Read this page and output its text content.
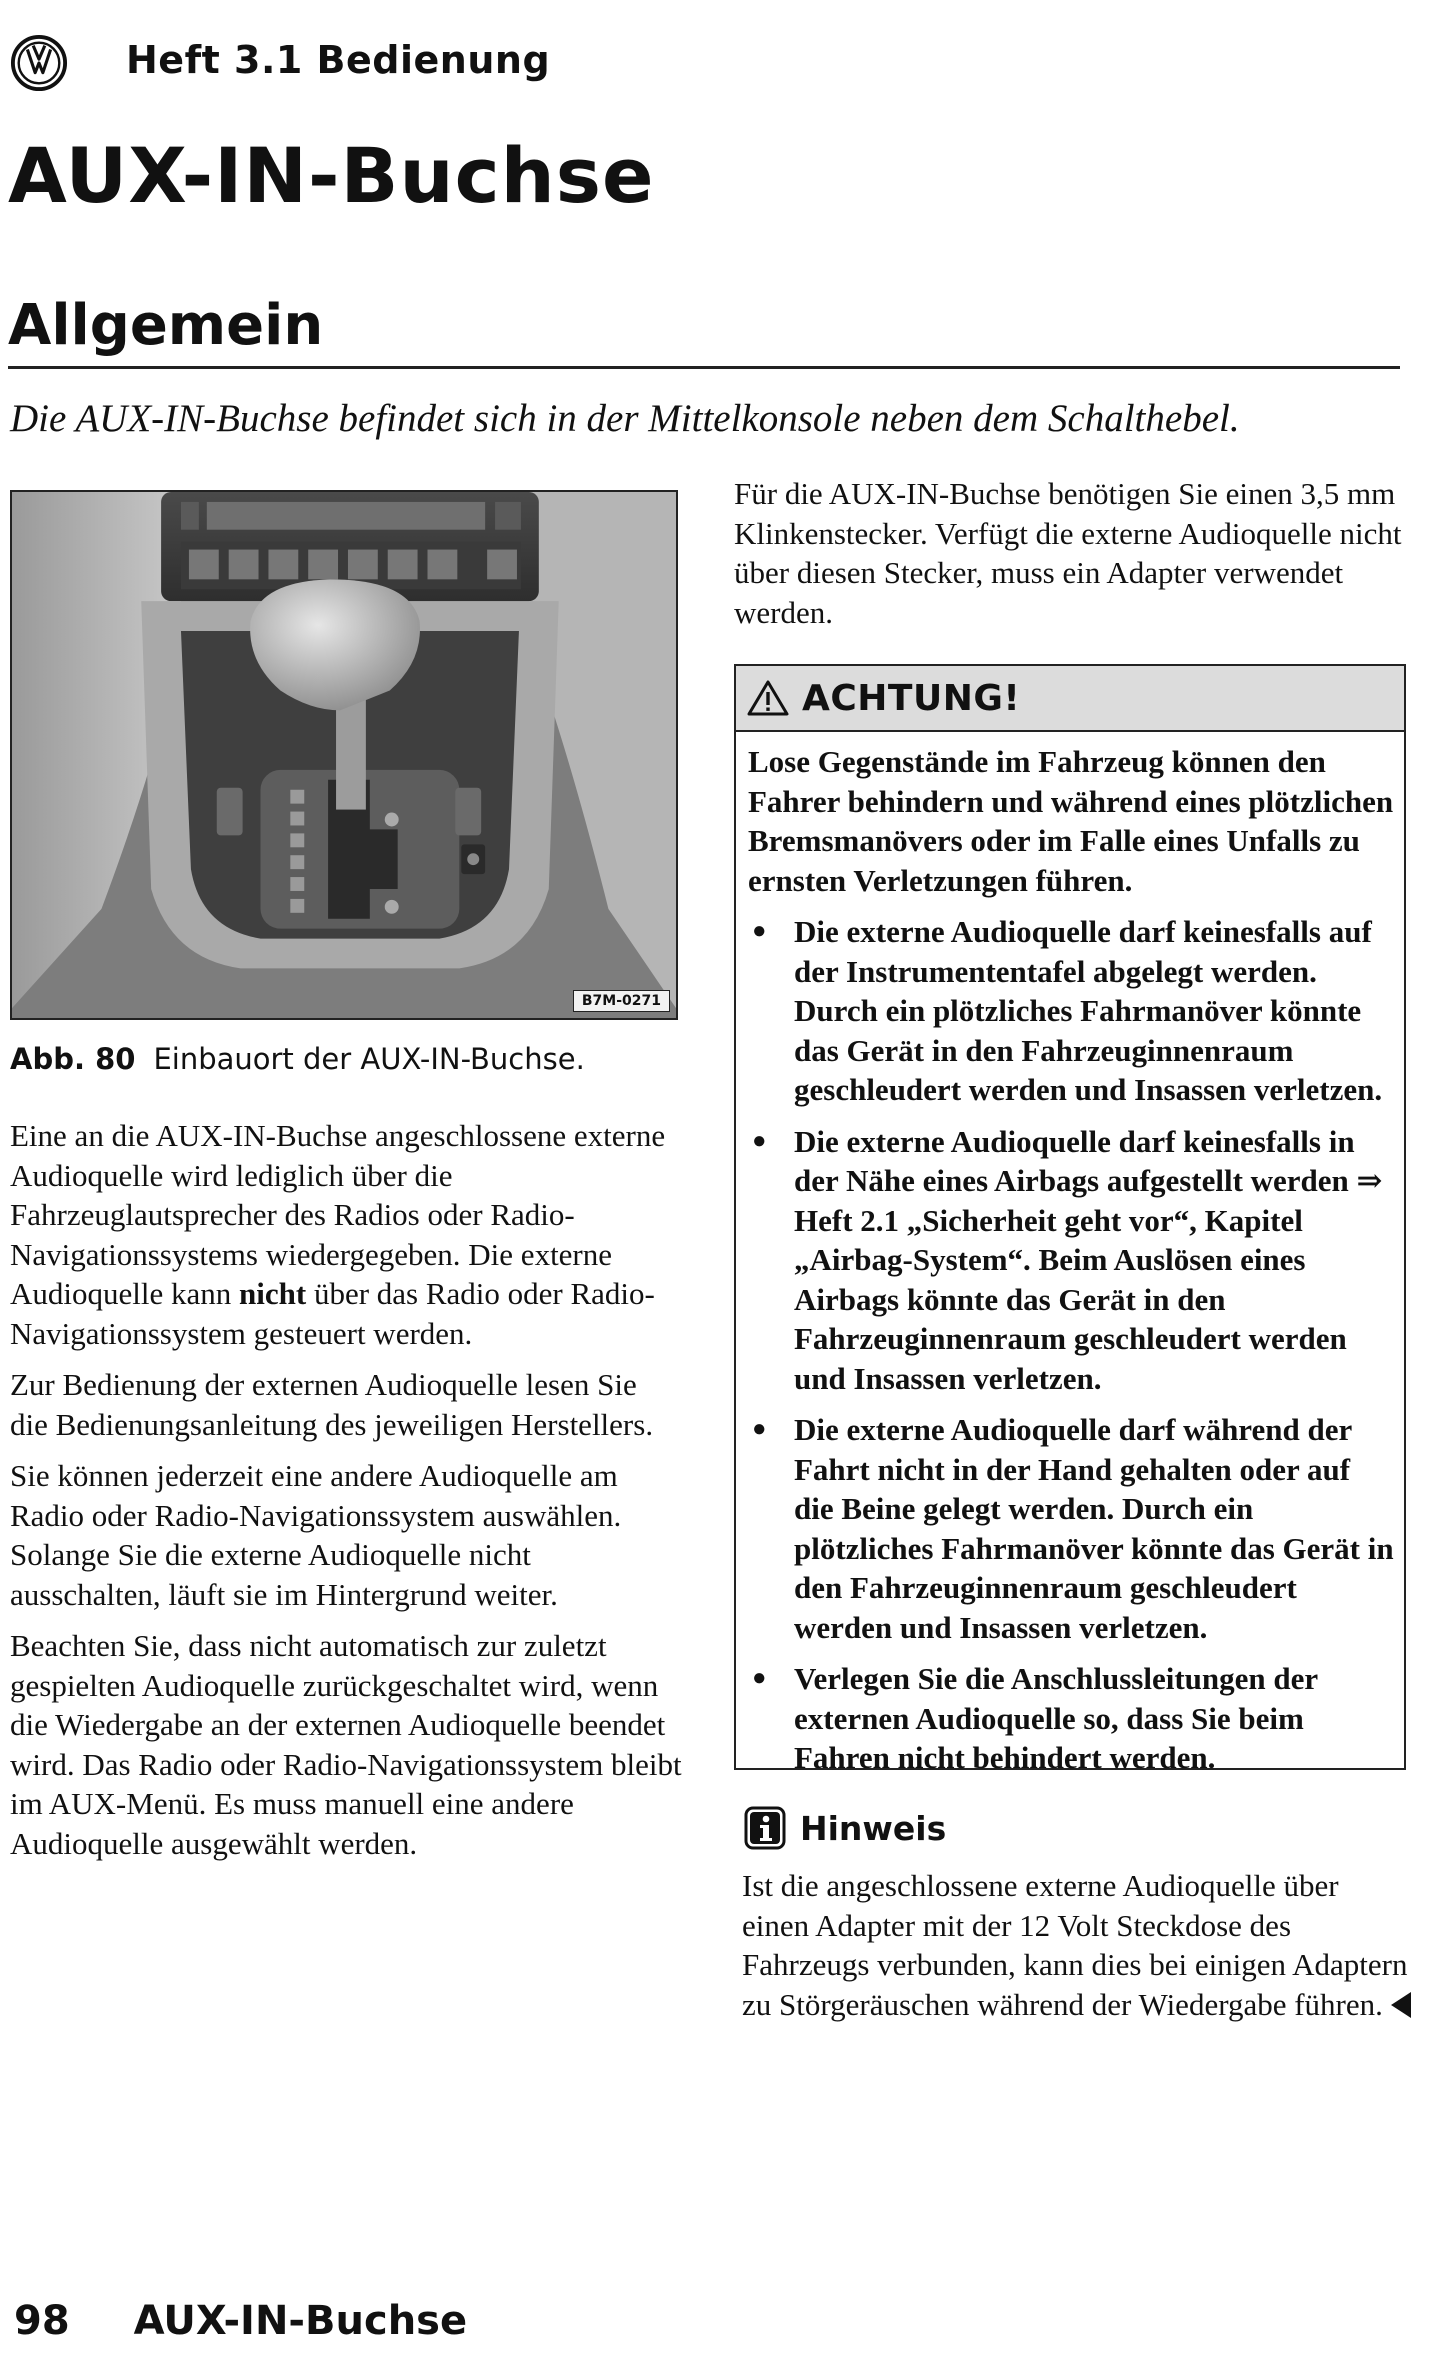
Heft 3.1 Bedienung
AUX-IN-Buchse
Allgemein

Die AUX-IN-Buchse befindet sich in der Mittelkonsole neben dem Schalthebel.

B7M-0271
Abb. 80 Einbauort der AUX-IN-Buchse.

Eine an die AUX-IN-Buchse angeschlossene externe Audioquelle wird lediglich über die Fahrzeuglautsprecher des Radios oder Radio-Navigationssystems wiedergegeben. Die externe Audioquelle kann nicht über das Radio oder Radio-Navigationssystem gesteuert werden.

Zur Bedienung der externen Audioquelle lesen Sie die Bedienungsanleitung des jeweiligen Herstellers.

Sie können jederzeit eine andere Audioquelle am Radio oder Radio-Navigationssystem auswählen. Solange Sie die externe Audioquelle nicht ausschalten, läuft sie im Hintergrund weiter.

Beachten Sie, dass nicht automatisch zur zuletzt gespielten Audioquelle zurückgeschaltet wird, wenn die Wiedergabe an der externen Audioquelle beendet wird. Das Radio oder Radio-Navigationssystem bleibt im AUX-Menü. Es muss manuell eine andere Audioquelle ausgewählt werden.

Für die AUX-IN-Buchse benötigen Sie einen 3,5 mm Klinkenstecker. Verfügt die externe Audioquelle nicht über diesen Stecker, muss ein Adapter verwendet werden.

ACHTUNG!

Lose Gegenstände im Fahrzeug können den Fahrer behindern und während eines plötzlichen Bremsmanövers oder im Falle eines Unfalls zu ernsten Verletzungen führen.

● Die externe Audioquelle darf keinesfalls auf der Instrumententafel abgelegt werden. Durch ein plötzliches Fahrmanöver könnte das Gerät in den Fahrzeuginnenraum geschleudert werden und Insassen verletzen.
● Die externe Audioquelle darf keinesfalls in der Nähe eines Airbags aufgestellt werden ⇒ Heft 2.1 „Sicherheit geht vor“, Kapitel „Airbag-System“. Beim Auslösen eines Airbags könnte das Gerät in den Fahrzeuginnenraum geschleudert werden und Insassen verletzen.
● Die externe Audioquelle darf während der Fahrt nicht in der Hand gehalten oder auf die Beine gelegt werden. Durch ein plötzliches Fahrmanöver könnte das Gerät in den Fahrzeuginnenraum geschleudert werden und Insassen verletzen.
● Verlegen Sie die Anschlussleitungen der externen Audioquelle so, dass Sie beim Fahren nicht behindert werden.
Hinweis

Ist die angeschlossene externe Audioquelle über einen Adapter mit der 12 Volt Steckdose des Fahrzeugs verbunden, kann dies bei einigen Adaptern zu Störgeräuschen während der Wiedergabe führen.

98 AUX-IN-Buchse
